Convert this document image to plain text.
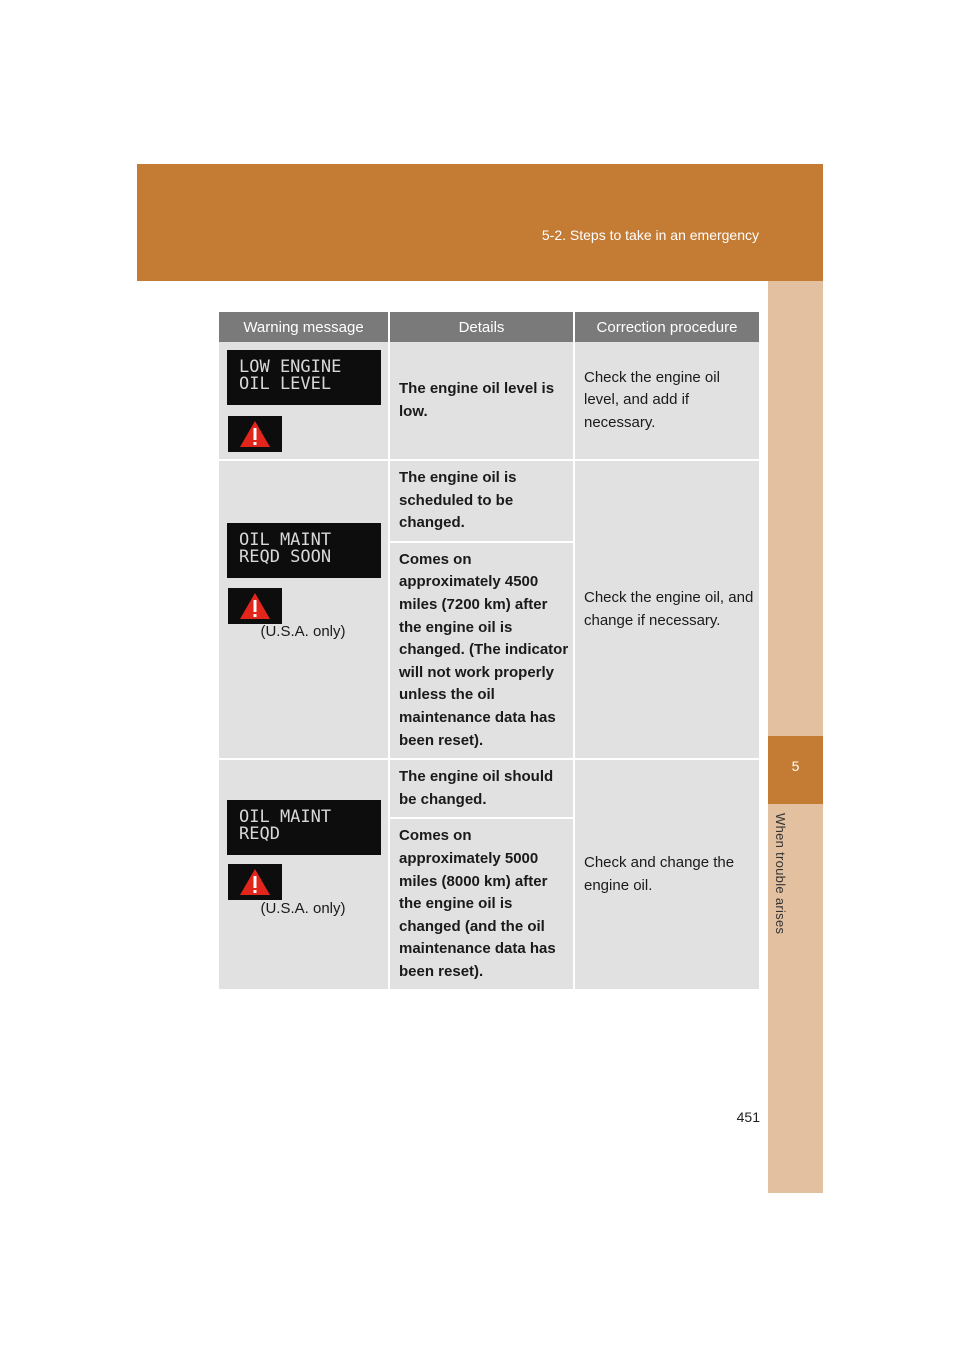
5-2. Steps to take in an emergency
5
When trouble arises
Warning message	Details	Correction procedure

LOW ENGINE
OIL LEVEL	The engine oil level is low.	Check the engine oil level, and add if necessary.

OIL MAINT
REQD SOON
(U.S.A. only)	The engine oil is scheduled to be changed.	Check the engine oil, and change if necessary.

	Comes on approximately 4500 miles (7200 km) after the engine oil is changed. (The indicator will not work properly unless the oil maintenance data has been reset).	

OIL MAINT
REQD
(U.S.A. only)	The engine oil should be changed.	Check and change the engine oil.

	Comes on approximately 5000 miles (8000 km) after the engine oil is changed (and the oil maintenance data has been reset).	
451
